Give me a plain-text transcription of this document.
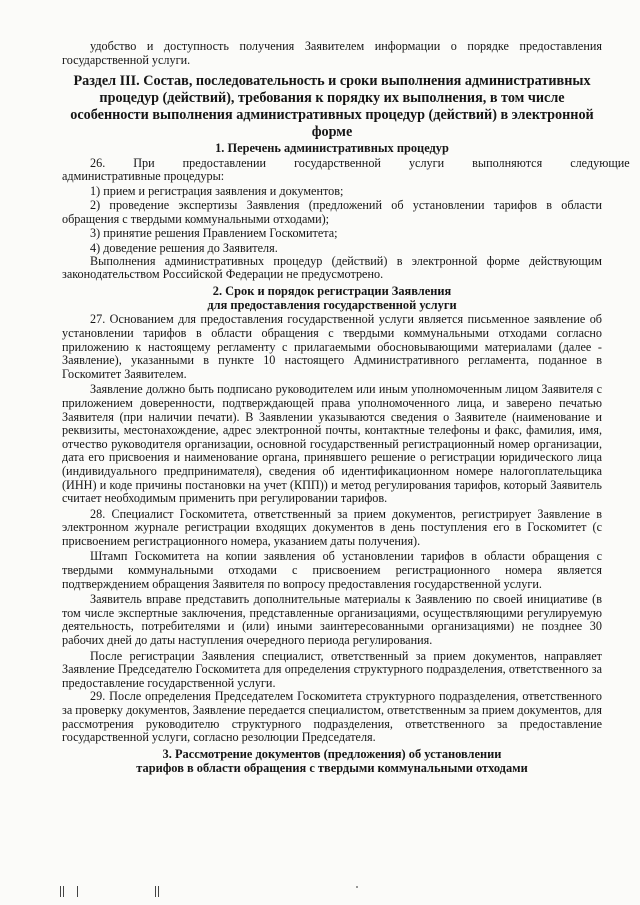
удобство и доступность получения Заявителем информации о порядке предоставления государственной услуги.

Раздел III. Состав, последовательность и сроки выполнения административных процедур (действий), требования к порядку их выполнения, в том числе особенности выполнения административных процедур (действий) в электронной форме
1. Перечень административных процедур
26.	При	предоставлении	государственной	услуги	выполняются	следующие

административные процедуры:

1) прием и регистрация заявления и документов;

2) проведение экспертизы Заявления (предложений об установлении тарифов в области обращения с твердыми коммунальными отходами);

3) принятие решения Правлением Госкомитета;

4) доведение решения до Заявителя.

Выполнения административных процедур (действий) в электронной форме действующим законодательством Российской Федерации не предусмотрено.

2. Срок и порядок регистрации Заявления
для предоставления государственной услуги

27. Основанием для предоставления государственной услуги является письменное заявление об установлении тарифов в области обращения с твердыми коммунальными отходами согласно приложению к настоящему регламенту с прилагаемыми обосновывающими материалами (далее - Заявление), указанными в пункте 10 настоящего Административного регламента, поданное в Госкомитет Заявителем.

Заявление должно быть подписано руководителем или иным уполномоченным лицом Заявителя с приложением доверенности, подтверждающей права уполномоченного лица, и заверено печатью Заявителя (при наличии печати). В Заявлении указываются сведения о Заявителе (наименование и реквизиты, местонахождение, адрес электронной почты, контактные телефоны и факс, фамилия, имя, отчество руководителя организации, основной государственный регистрационный номер организации, дата его присвоения и наименование органа, принявшего решение о регистрации юридического лица (индивидуального предпринимателя), сведения об идентификационном номере налогоплательщика (ИНН) и коде причины постановки на учет (КПП)) и метод регулирования тарифов, который Заявитель считает необходимым применить при регулировании тарифов.

28. Специалист Госкомитета, ответственный за прием документов, регистрирует Заявление в электронном журнале регистрации входящих документов в день поступления его в Госкомитет (с присвоением регистрационного номера, указанием даты получения).

Штамп Госкомитета на копии заявления об установлении тарифов в области обращения с твердыми коммунальными отходами с присвоением регистрационного номера является подтверждением обращения Заявителя по вопросу предоставления государственной услуги.

Заявитель вправе представить дополнительные материалы к Заявлению по своей инициативе (в том числе экспертные заключения, представленные организациями, осуществляющими регулируемую деятельность, потребителями и (или) иными заинтересованными организациями) не позднее 30 рабочих дней до даты наступления очередного периода регулирования.

После регистрации Заявления специалист, ответственный за прием документов, направляет Заявление Председателю Госкомитета для определения структурного подразделения, ответственного за предоставление государственной услуги.

29. После определения Председателем Госкомитета структурного подразделения, ответственного за проверку документов, Заявление передается специалистом, ответственным за прием документов, для рассмотрения руководителю структурного подразделения, ответственного за предоставление государственной услуги, согласно резолюции Председателя.

3. Рассмотрение документов (предложения) об установлении
тарифов в области обращения с твердыми коммунальными отходами
